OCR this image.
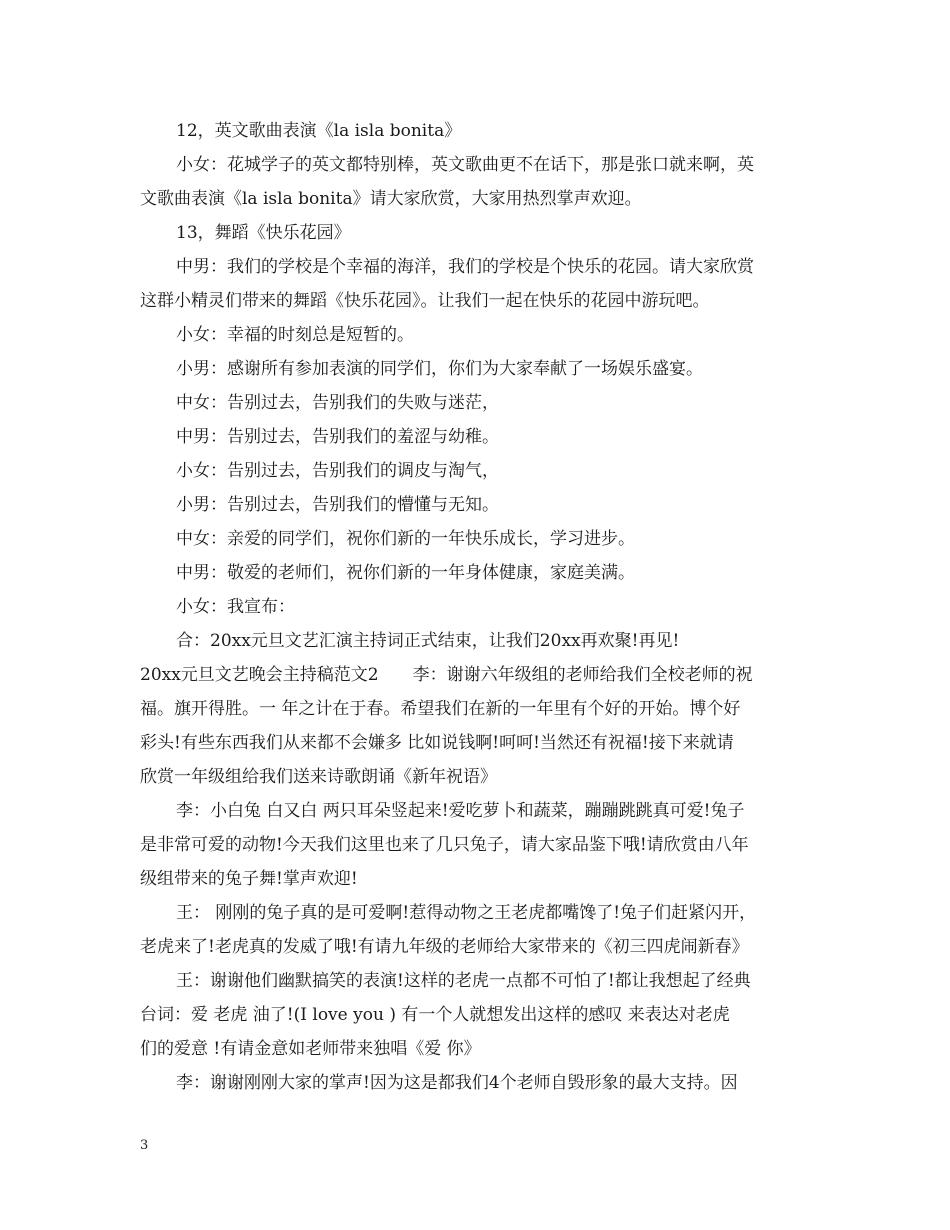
12，英文歌曲表演《la isla bonita》
小女：花城学子的英文都特别棒，英文歌曲更不在话下，那是张口就来啊，英
文歌曲表演《la isla bonita》请大家欣赏，大家用热烈掌声欢迎。
13，舞蹈《快乐花园》
中男：我们的学校是个幸福的海洋，我们的学校是个快乐的花园。请大家欣赏
这群小精灵们带来的舞蹈《快乐花园》。让我们一起在快乐的花园中游玩吧。
小女：幸福的时刻总是短暂的。
小男：感谢所有参加表演的同学们，你们为大家奉献了一场娱乐盛宴。
中女：告别过去，告别我们的失败与迷茫，
中男：告别过去，告别我们的羞涩与幼稚。
小女：告别过去，告别我们的调皮与淘气，
小男：告别过去，告别我们的懵懂与无知。
中女：亲爱的同学们，祝你们新的一年快乐成长，学习进步。
中男：敬爱的老师们，祝你们新的一年身体健康，家庭美满。
小女：我宣布：
合：20xx元旦文艺汇演主持词正式结束，让我们20xx再欢聚!再见!
20xx元旦文艺晚会主持稿范文2　　李：谢谢六年级组的老师给我们全校老师的祝
福。旗开得胜。一 年之计在于春。希望我们在新的一年里有个好的开始。博个好
彩头!有些东西我们从来都不会嫌多 比如说钱啊!呵呵!当然还有祝福!接下来就请
欣赏一年级组给我们送来诗歌朗诵《新年祝语》
李：小白兔 白又白 两只耳朵竖起来!爱吃萝卜和蔬菜，蹦蹦跳跳真可爱!兔子
是非常可爱的动物!今天我们这里也来了几只兔子，请大家品鉴下哦!请欣赏由八年
级组带来的兔子舞!掌声欢迎!
王： 刚刚的兔子真的是可爱啊!惹得动物之王老虎都嘴馋了!兔子们赶紧闪开，
老虎来了!老虎真的发威了哦!有请九年级的老师给大家带来的《初三四虎闹新春》
王：谢谢他们幽默搞笑的表演!这样的老虎一点都不可怕了!都让我想起了经典
台词：爱 老虎 油了!(I love you ) 有一个人就想发出这样的感叹 来表达对老虎
们的爱意 !有请金意如老师带来独唱《爱 你》
李：谢谢刚刚大家的掌声!因为这是都我们4个老师自毁形象的最大支持。因
3
